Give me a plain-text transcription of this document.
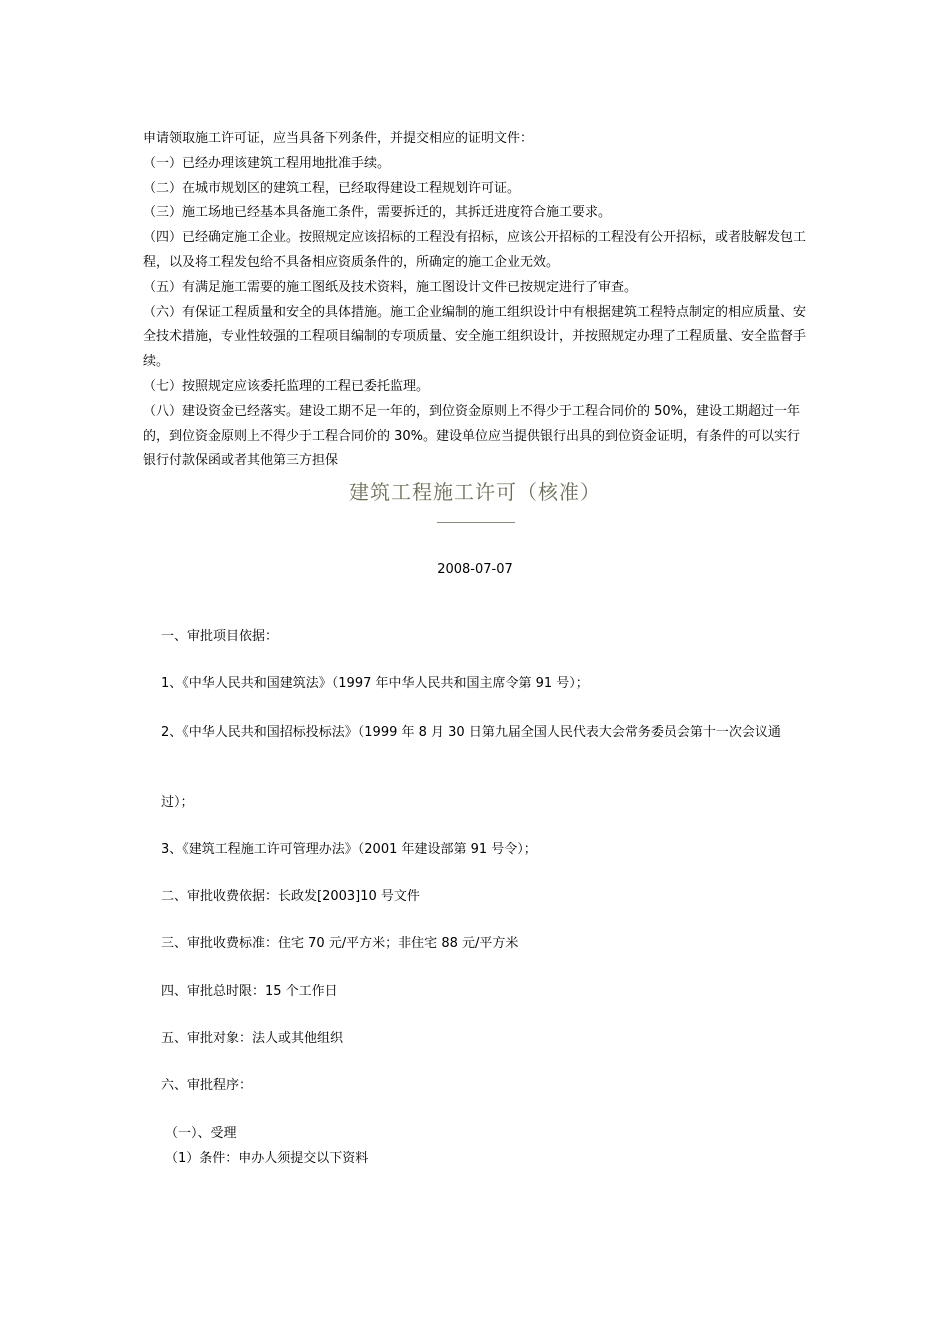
申请领取施工许可证，应当具备下列条件，并提交相应的证明文件：

（一）已经办理该建筑工程用地批准手续。

（二）在城市规划区的建筑工程，已经取得建设工程规划许可证。

（三）施工场地已经基本具备施工条件，需要拆迁的，其拆迁进度符合施工要求。

（四）已经确定施工企业。按照规定应该招标的工程没有招标，应该公开招标的工程没有公开招标，或者肢解发包工程，以及将工程发包给不具备相应资质条件的，所确定的施工企业无效。

（五）有满足施工需要的施工图纸及技术资料，施工图设计文件已按规定进行了审查。

（六）有保证工程质量和安全的具体措施。施工企业编制的施工组织设计中有根据建筑工程特点制定的相应质量、安全技术措施，专业性较强的工程项目编制的专项质量、安全施工组织设计，并按照规定办理了工程质量、安全监督手续。

（七）按照规定应该委托监理的工程已委托监理。

（八）建设资金已经落实。建设工期不足一年的，到位资金原则上不得少于工程合同价的 50%，建设工期超过一年的，到位资金原则上不得少于工程合同价的 30%。建设单位应当提供银行出具的到位资金证明，有条件的可以实行银行付款保函或者其他第三方担保

建筑工程施工许可（核准）
2008-07-07
一、审批项目依据：
1、《中华人民共和国建筑法》（1997 年中华人民共和国主席令第 91 号）；
2、《中华人民共和国招标投标法》（1999 年 8 月 30 日第九届全国人民代表大会常务委员会第十一次会议通
过）；
3、《建筑工程施工许可管理办法》（2001 年建设部第 91 号令）；
二、审批收费依据：长政发[2003]10 号文件
三、审批收费标准：住宅 70 元/平方米；非住宅 88 元/平方米
四、审批总时限：15 个工作日
五、审批对象：法人或其他组织
六、审批程序：
（一）、受理
（1）条件：申办人须提交以下资料
